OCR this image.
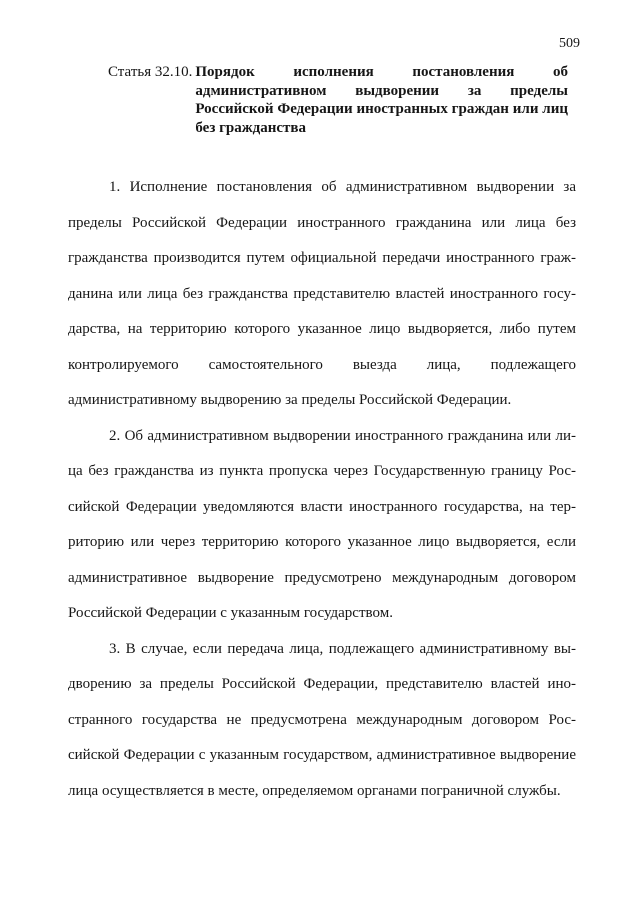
509
Статья 32.10. Порядок исполнения постановления об административном выдворении за пределы Российской Федерации иностранных граждан или лиц без гражданства

1. Исполнение постановления об административном выдворении за пределы Российской Федерации иностранного гражданина или лица без гражданства производится путем официальной передачи иностранного гражданина или лица без гражданства представителю властей иностранного государства, на территорию которого указанное лицо выдворяется, либо путем контролируемого самостоятельного выезда лица, подлежащего административному выдворению за пределы Российской Федерации.

2. Об административном выдворении иностранного гражданина или лица без гражданства из пункта пропуска через Государственную границу Российской Федерации уведомляются власти иностранного государства, на территорию или через территорию которого указанное лицо выдворяется, если административное выдворение предусмотрено международным договором Российской Федерации с указанным государством.

3. В случае, если передача лица, подлежащего административному выдворению за пределы Российской Федерации, представителю властей иностранного государства не предусмотрена международным договором Российской Федерации с указанным государством, административное выдворение лица осуществляется в месте, определяемом органами пограничной службы.
